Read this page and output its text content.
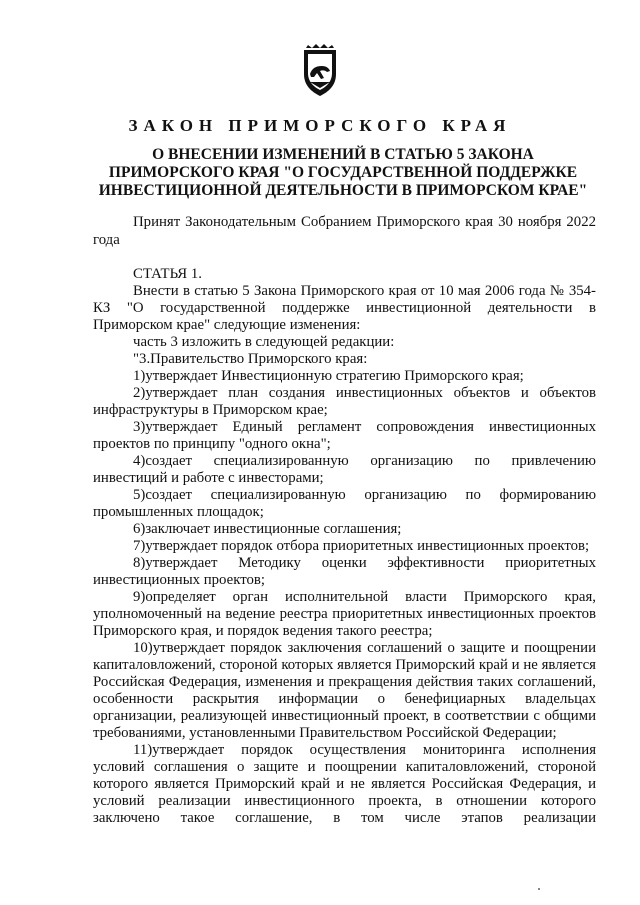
ЗАКОН ПРИМОРСКОГО КРАЯ
О ВНЕСЕНИИ ИЗМЕНЕНИЙ В СТАТЬЮ 5 ЗАКОНА ПРИМОРСКОГО КРАЯ "О ГОСУДАРСТВЕННОЙ ПОДДЕРЖКЕ ИНВЕСТИЦИОННОЙ ДЕЯТЕЛЬНОСТИ В ПРИМОРСКОМ КРАЕ"
Принят Законодательным Собранием Приморского края 30 ноября 2022 года
СТАТЬЯ 1.

Внести в статью 5 Закона Приморского края от 10 мая 2006 года № 354-КЗ "О государственной поддержке инвестиционной деятельности в Приморском крае" следующие изменения:

часть 3 изложить в следующей редакции:

"3.Правительство Приморского края:

1)утверждает Инвестиционную стратегию Приморского края;

2)утверждает план создания инвестиционных объектов и объектов инфраструктуры в Приморском крае;

3)утверждает Единый регламент сопровождения инвестиционных проектов по принципу "одного окна";

4)создает специализированную организацию по привлечению инвестиций и работе с инвесторами;

5)создает специализированную организацию по формированию промышленных площадок;

6)заключает инвестиционные соглашения;

7)утверждает порядок отбора приоритетных инвестиционных проектов;

8)утверждает Методику оценки эффективности приоритетных инвестиционных проектов;

9)определяет орган исполнительной власти Приморского края, уполномоченный на ведение реестра приоритетных инвестиционных проектов Приморского края, и порядок ведения такого реестра;

10)утверждает порядок заключения соглашений о защите и поощрении капиталовложений, стороной которых является Приморский край и не является Российская Федерация, изменения и прекращения действия таких соглашений, особенности раскрытия информации о бенефициарных владельцах организации, реализующей инвестиционный проект, в соответствии с общими требованиями, установленными Правительством Российской Федерации;

11)утверждает порядок осуществления мониторинга исполнения условий соглашения о защите и поощрении капиталовложений, стороной которого является Приморский край и не является Российская Федерация, и условий реализации инвестиционного проекта, в отношении которого заключено такое соглашение, в том числе этапов реализации
